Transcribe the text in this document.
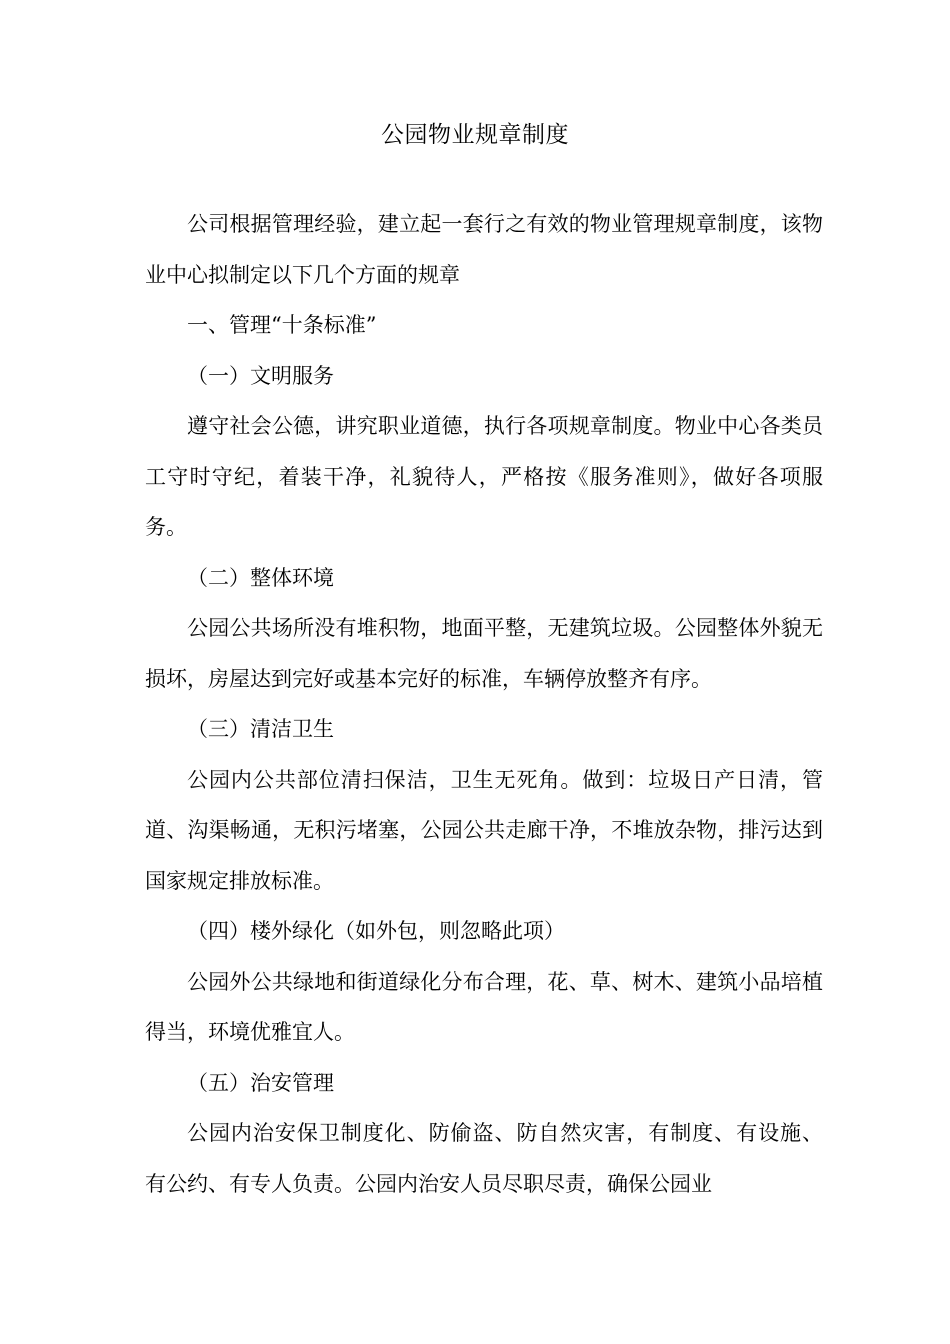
公园物业规章制度

公司根据管理经验，建立起一套行之有效的物业管理规章制度，该物业中心拟制定以下几个方面的规章

一、管理“十条标准”

（一）文明服务

遵守社会公德，讲究职业道德，执行各项规章制度。物业中心各类员工守时守纪，着装干净，礼貌待人，严格按《服务准则》，做好各项服务。

（二）整体环境

公园公共场所没有堆积物，地面平整，无建筑垃圾。公园整体外貌无损坏，房屋达到完好或基本完好的标准，车辆停放整齐有序。

（三）清洁卫生

公园内公共部位清扫保洁，卫生无死角。做到：垃圾日产日清，管道、沟渠畅通，无积污堵塞，公园公共走廊干净，不堆放杂物，排污达到国家规定排放标准。

（四）楼外绿化（如外包，则忽略此项）

公园外公共绿地和街道绿化分布合理，花、草、树木、建筑小品培植得当，环境优雅宜人。

（五）治安管理

公园内治安保卫制度化、防偷盗、防自然灾害，有制度、有设施、 有公约、有专人负责。公园内治安人员尽职尽责，确保公园业
